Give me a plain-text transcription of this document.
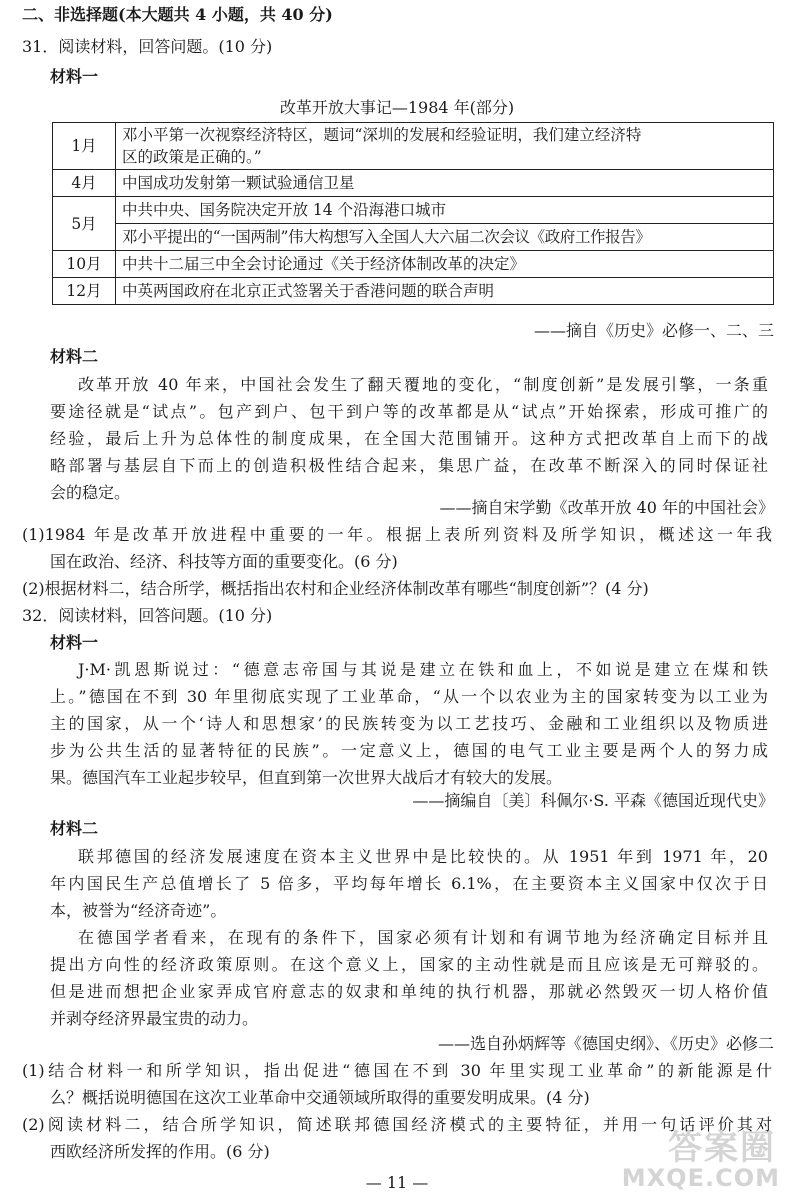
二、非选择题(本大题共 4 小题，共 40 分)
31．阅读材料，回答问题。(10 分)
材料一
改革开放大事记—1984 年(部分)
1月	邓小平第一次视察经济特区，题词“深圳的发展和经验证明，我们建立经济特
区的政策是正确的。”

4月	中国成功发射第一颗试验通信卫星
5月	中共中央、国务院决定开放 14 个沿海港口城市
	邓小平提出的“一国两制”伟大构想写入全国人大六届二次会议《政府工作报告》
10月	中共十二届三中全会讨论通过《关于经济体制改革的决定》
12月	中英两国政府在北京正式签署关于香港问题的联合声明
——摘自《历史》必修一、二、三
材料二
改革开放 40 年来，中国社会发生了翻天覆地的变化，“制度创新”是发展引擎，一条重
要途径就是“试点”。包产到户、包干到户等的改革都是从“试点”开始探索，形成可推广的
经验，最后上升为总体性的制度成果，在全国大范围铺开。这种方式把改革自上而下的战
略部署与基层自下而上的创造积极性结合起来，集思广益，在改革不断深入的同时保证社
会的稳定。
——摘自宋学勤《改革开放 40 年的中国社会》
(1)1984 年是改革开放进程中重要的一年。根据上表所列资料及所学知识，概述这一年我
国在政治、经济、科技等方面的重要变化。(6 分)
(2)根据材料二，结合所学，概括指出农村和企业经济体制改革有哪些“制度创新”？(4 分)
32．阅读材料，回答问题。(10 分)
材料一
J·M·凯恩斯说过：“德意志帝国与其说是建立在铁和血上，不如说是建立在煤和铁
上。”德国在不到 30 年里彻底实现了工业革命，“从一个以农业为主的国家转变为以工业为
主的国家，从一个‘诗人和思想家’的民族转变为以工艺技巧、金融和工业组织以及物质进
步为公共生活的显著特征的民族”。一定意义上，德国的电气工业主要是两个人的努力成
果。德国汽车工业起步较早，但直到第一次世界大战后才有较大的发展。
——摘编自〔美〕科佩尔·S. 平森《德国近现代史》
材料二
联邦德国的经济发展速度在资本主义世界中是比较快的。从 1951 年到 1971 年，20
年内国民生产总值增长了 5 倍多，平均每年增长 6.1%，在主要资本主义国家中仅次于日
本，被誉为“经济奇迹”。
在德国学者看来，在现有的条件下，国家必须有计划和有调节地为经济确定目标并且
提出方向性的经济政策原则。在这个意义上，国家的主动性就是而且应该是无可辩驳的。
但是进而想把企业家弄成官府意志的奴隶和单纯的执行机器，那就必然毁灭一切人格价值
并剥夺经济界最宝贵的动力。
——选自孙炳辉等《德国史纲》、《历史》必修二
(1)结合材料一和所学知识，指出促进“德国在不到 30 年里实现工业革命”的新能源是什
么？概括说明德国在这次工业革命中交通领域所取得的重要发明成果。(4 分)
(2)阅读材料二，结合所学知识，简述联邦德国经济模式的主要特征，并用一句话评价其对
西欧经济所发挥的作用。(6 分)
— 11 —
答案圈
MXQE.COM
